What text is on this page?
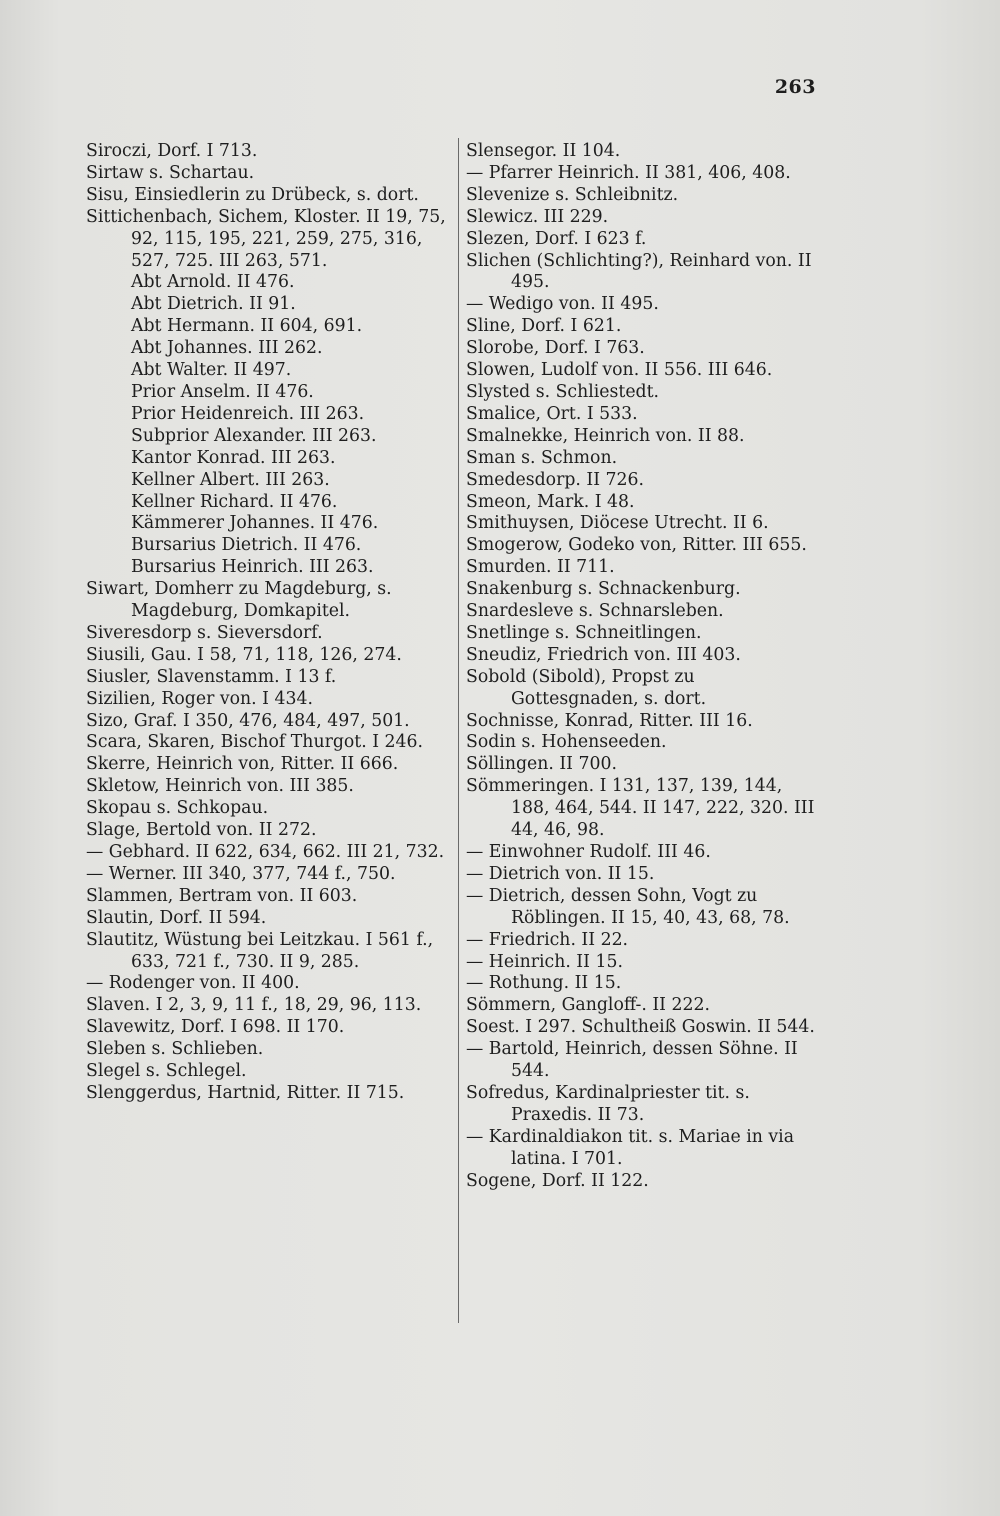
263
Siroczi, Dorf. I 713.
Sirtaw s. Schartau.
Sisu, Einsiedlerin zu Drübeck, s. dort.
Sittichenbach, Sichem, Kloster. II 19, 75, 92, 115, 195, 221, 259, 275, 316, 527, 725. III 263, 571.
Abt Arnold. II 476.
Abt Dietrich. II 91.
Abt Hermann. II 604, 691.
Abt Johannes. III 262.
Abt Walter. II 497.
Prior Anselm. II 476.
Prior Heidenreich. III 263.
Subprior Alexander. III 263.
Kantor Konrad. III 263.
Kellner Albert. III 263.
Kellner Richard. II 476.
Kämmerer Johannes. II 476.
Bursarius Dietrich. II 476.
Bursarius Heinrich. III 263.
Siwart, Domherr zu Magdeburg, s. Magdeburg, Domkapitel.
Siveresdorp s. Sieversdorf.
Siusili, Gau. I 58, 71, 118, 126, 274.
Siusler, Slavenstamm. I 13 f.
Sizilien, Roger von. I 434.
Sizo, Graf. I 350, 476, 484, 497, 501.
Scara, Skaren, Bischof Thurgot. I 246.
Skerre, Heinrich von, Ritter. II 666.
Skletow, Heinrich von. III 385.
Skopau s. Schkopau.
Slage, Bertold von. II 272.
— Gebhard. II 622, 634, 662. III 21, 732.
— Werner. III 340, 377, 744 f., 750.
Slammen, Bertram von. II 603.
Slautin, Dorf. II 594.
Slautitz, Wüstung bei Leitzkau. I 561 f., 633, 721 f., 730. II 9, 285.
— Rodenger von. II 400.
Slaven. I 2, 3, 9, 11 f., 18, 29, 96, 113.
Slavewitz, Dorf. I 698. II 170.
Sleben s. Schlieben.
Slegel s. Schlegel.
Slenggerdus, Hartnid, Ritter. II 715.
Slensegor. II 104.
— Pfarrer Heinrich. II 381, 406, 408.
Slevenize s. Schleibnitz.
Slewicz. III 229.
Slezen, Dorf. I 623 f.
Slichen (Schlichting?), Reinhard von. II 495.
— Wedigo von. II 495.
Sline, Dorf. I 621.
Slorobe, Dorf. I 763.
Slowen, Ludolf von. II 556. III 646.
Slysted s. Schliestedt.
Smalice, Ort. I 533.
Smalnekke, Heinrich von. II 88.
Sman s. Schmon.
Smedesdorp. II 726.
Smeon, Mark. I 48.
Smithuysen, Diöcese Utrecht. II 6.
Smogerow, Godeko von, Ritter. III 655.
Smurden. II 711.
Snakenburg s. Schnackenburg.
Snardesleve s. Schnarsleben.
Snetlinge s. Schneitlingen.
Sneudiz, Friedrich von. III 403.
Sobold (Sibold), Propst zu Gottesgnaden, s. dort.
Sochnisse, Konrad, Ritter. III 16.
Sodin s. Hohenseeden.
Söllingen. II 700.
Sömmeringen. I 131, 137, 139, 144, 188, 464, 544. II 147, 222, 320. III 44, 46, 98.
— Einwohner Rudolf. III 46.
— Dietrich von. II 15.
— Dietrich, dessen Sohn, Vogt zu Röblingen. II 15, 40, 43, 68, 78.
— Friedrich. II 22.
— Heinrich. II 15.
— Rothung. II 15.
Sömmern, Gangloff-. II 222.
Soest. I 297. Schultheiß Goswin. II 544.
— Bartold, Heinrich, dessen Söhne. II 544.
Sofredus, Kardinalpriester tit. s. Praxedis. II 73.
— Kardinaldiakon tit. s. Mariae in via latina. I 701.
Sogene, Dorf. II 122.
